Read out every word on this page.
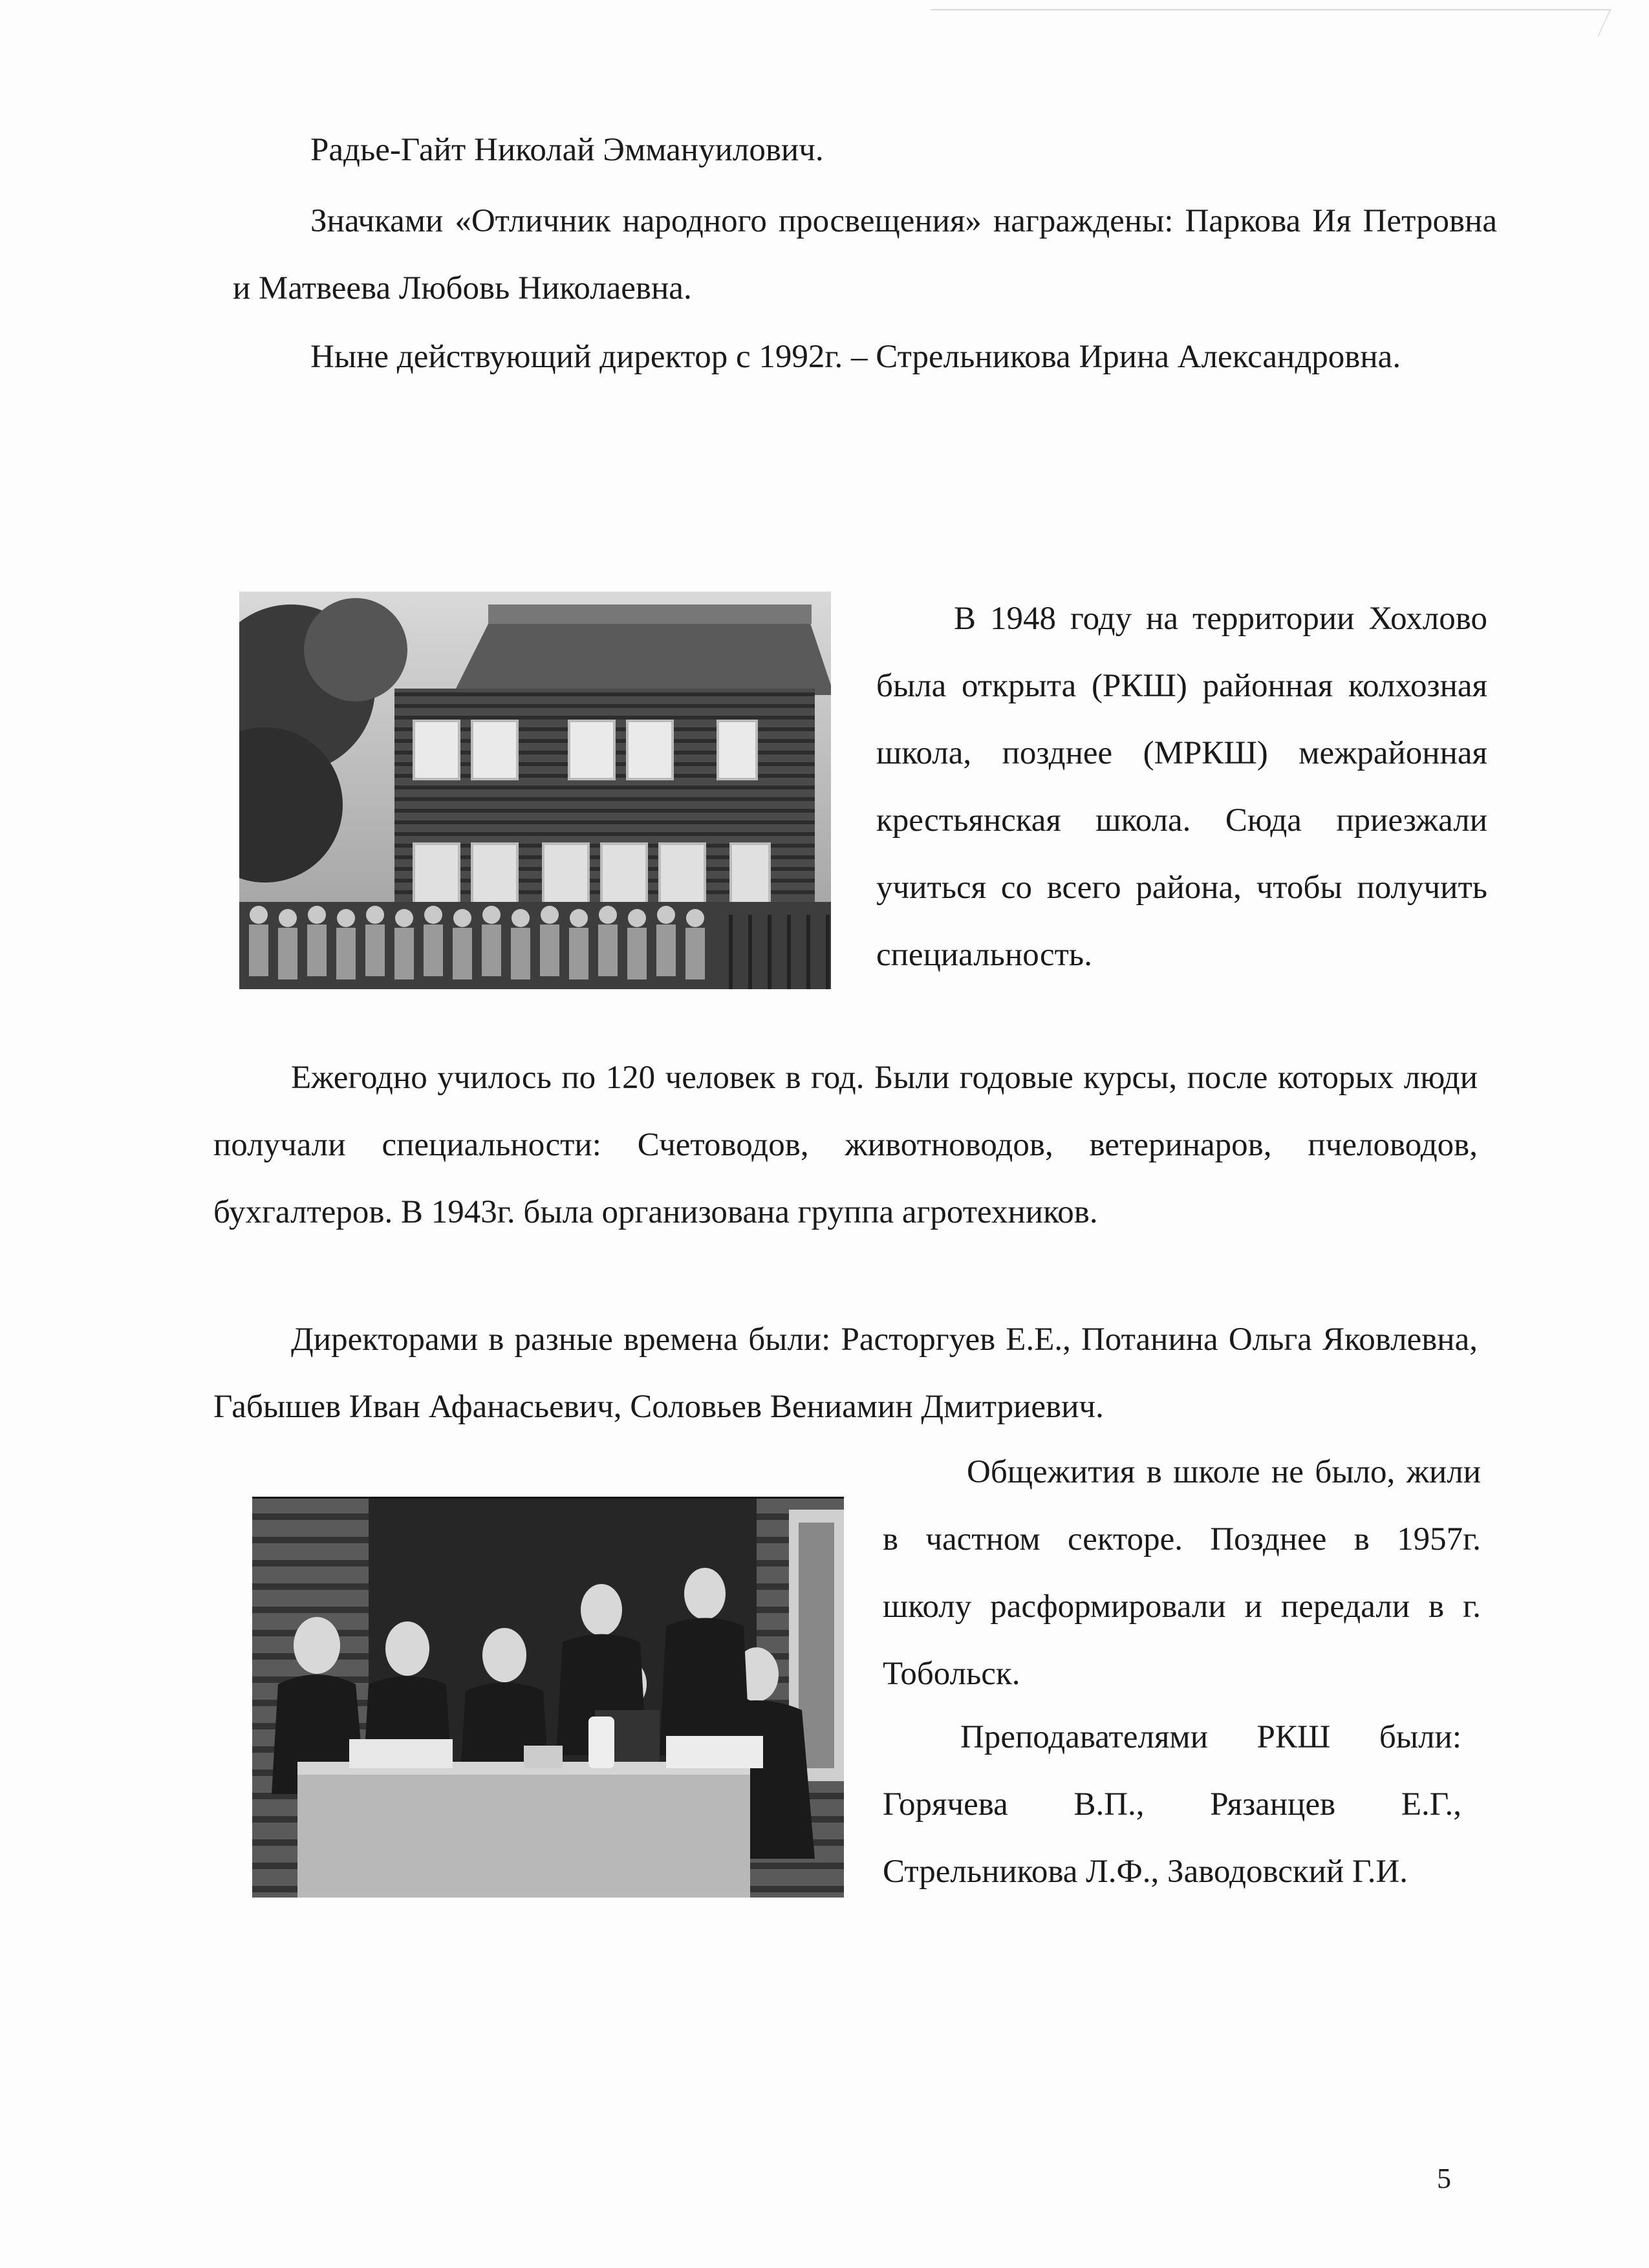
Радье-Гайт Николай Эммануилович.
Значками «Отличник народного просвещения» награждены: Паркова Ия Петровна и Матвеева Любовь Николаевна.
Ныне действующий директор с 1992г. – Стрельникова Ирина Александровна.
В 1948 году на территории Хохлово была открыта (РКШ) районная колхозная школа, позднее (МРКШ) межрайонная крестьянская школа. Сюда приезжали учиться со всего района, чтобы получить специальность.
Ежегодно училось по 120 человек в год. Были годовые курсы, после которых люди получали специальности: Счетоводов, животноводов, ветеринаров, пчеловодов, бухгалтеров. В 1943г. была организована группа агротехников.
Директорами в разные времена были: Расторгуев Е.Е., Потанина Ольга Яковлевна, Габышев Иван Афанасьевич, Соловьев Вениамин Дмитриевич.
Общежития в школе не было, жили в частном секторе. Позднее в 1957г. школу расформировали и передали в г. Тобольск.
Преподавателями РКШ были: Горячева В.П., Рязанцев Е.Г., Стрельникова Л.Ф., Заводовский Г.И.
5
